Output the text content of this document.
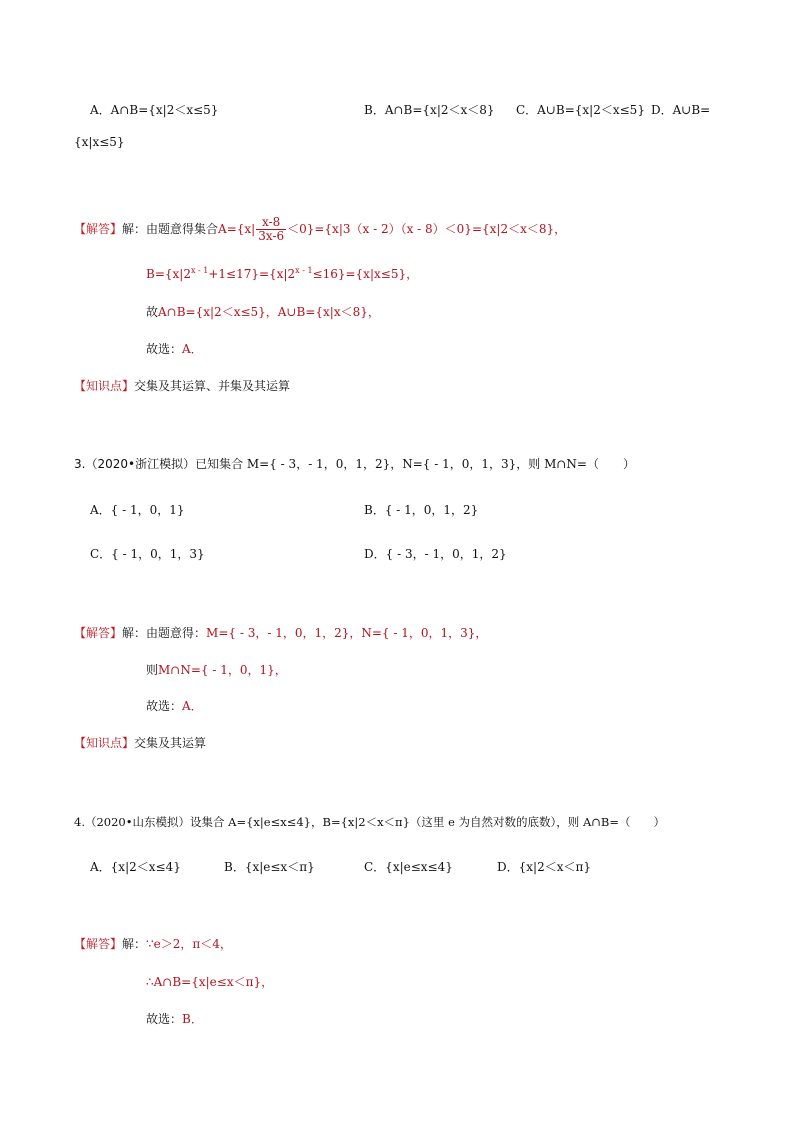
A．A∩B={x|2＜x≤5}	B．A∩B={x|2＜x＜8} C．A∪B={x|2＜x≤5} D．A∪B=
{x|x≤5}
【解答】解：由题意得集合$A=\{x| \frac{x-8}{3x-6} <0\}=\{x|3(x - 2)(x - 8)<0\}=\{x|2<x<8\}$，
$B=\{x|2^{x - 1}+1\le 17\}=\{x|2^{x - 1}\le 16\}=\{x|x\le 5\}$，
故A∩B={x|2＜x≤5}，A∪B={x|x＜8}，
故选：A．
【知识点】交集及其运算、并集及其运算
3.（2020•浙江模拟）已知集合 M={ - 3，- 1，0，1，2}，N={ - 1，0，1，3}，则 M∩N=（　　）
A．{ - 1，0，1}	B．{ - 1，0，1，2}
C．{ - 1，0，1，3}	D．{ - 3，- 1，0，1，2}
【解答】解：由题意得：M={ - 3，- 1，0，1，2}，N={ - 1，0，1，3}，
则M∩N={ - 1，0，1}，
故选：A．
【知识点】交集及其运算
4.（2020•山东模拟）设集合 A={x|e≤x≤4}，B={x|2＜x＜π}（这里 e 为自然对数的底数），则 A∩B=（　　）
A．{x|2＜x≤4}	B．{x|e≤x＜π}	C．{x|e≤x≤4}	D．{x|2＜x＜π}
【解答】解：∵e＞2，π＜4，
∴A∩B={x|e≤x＜π}，
故选：B．
